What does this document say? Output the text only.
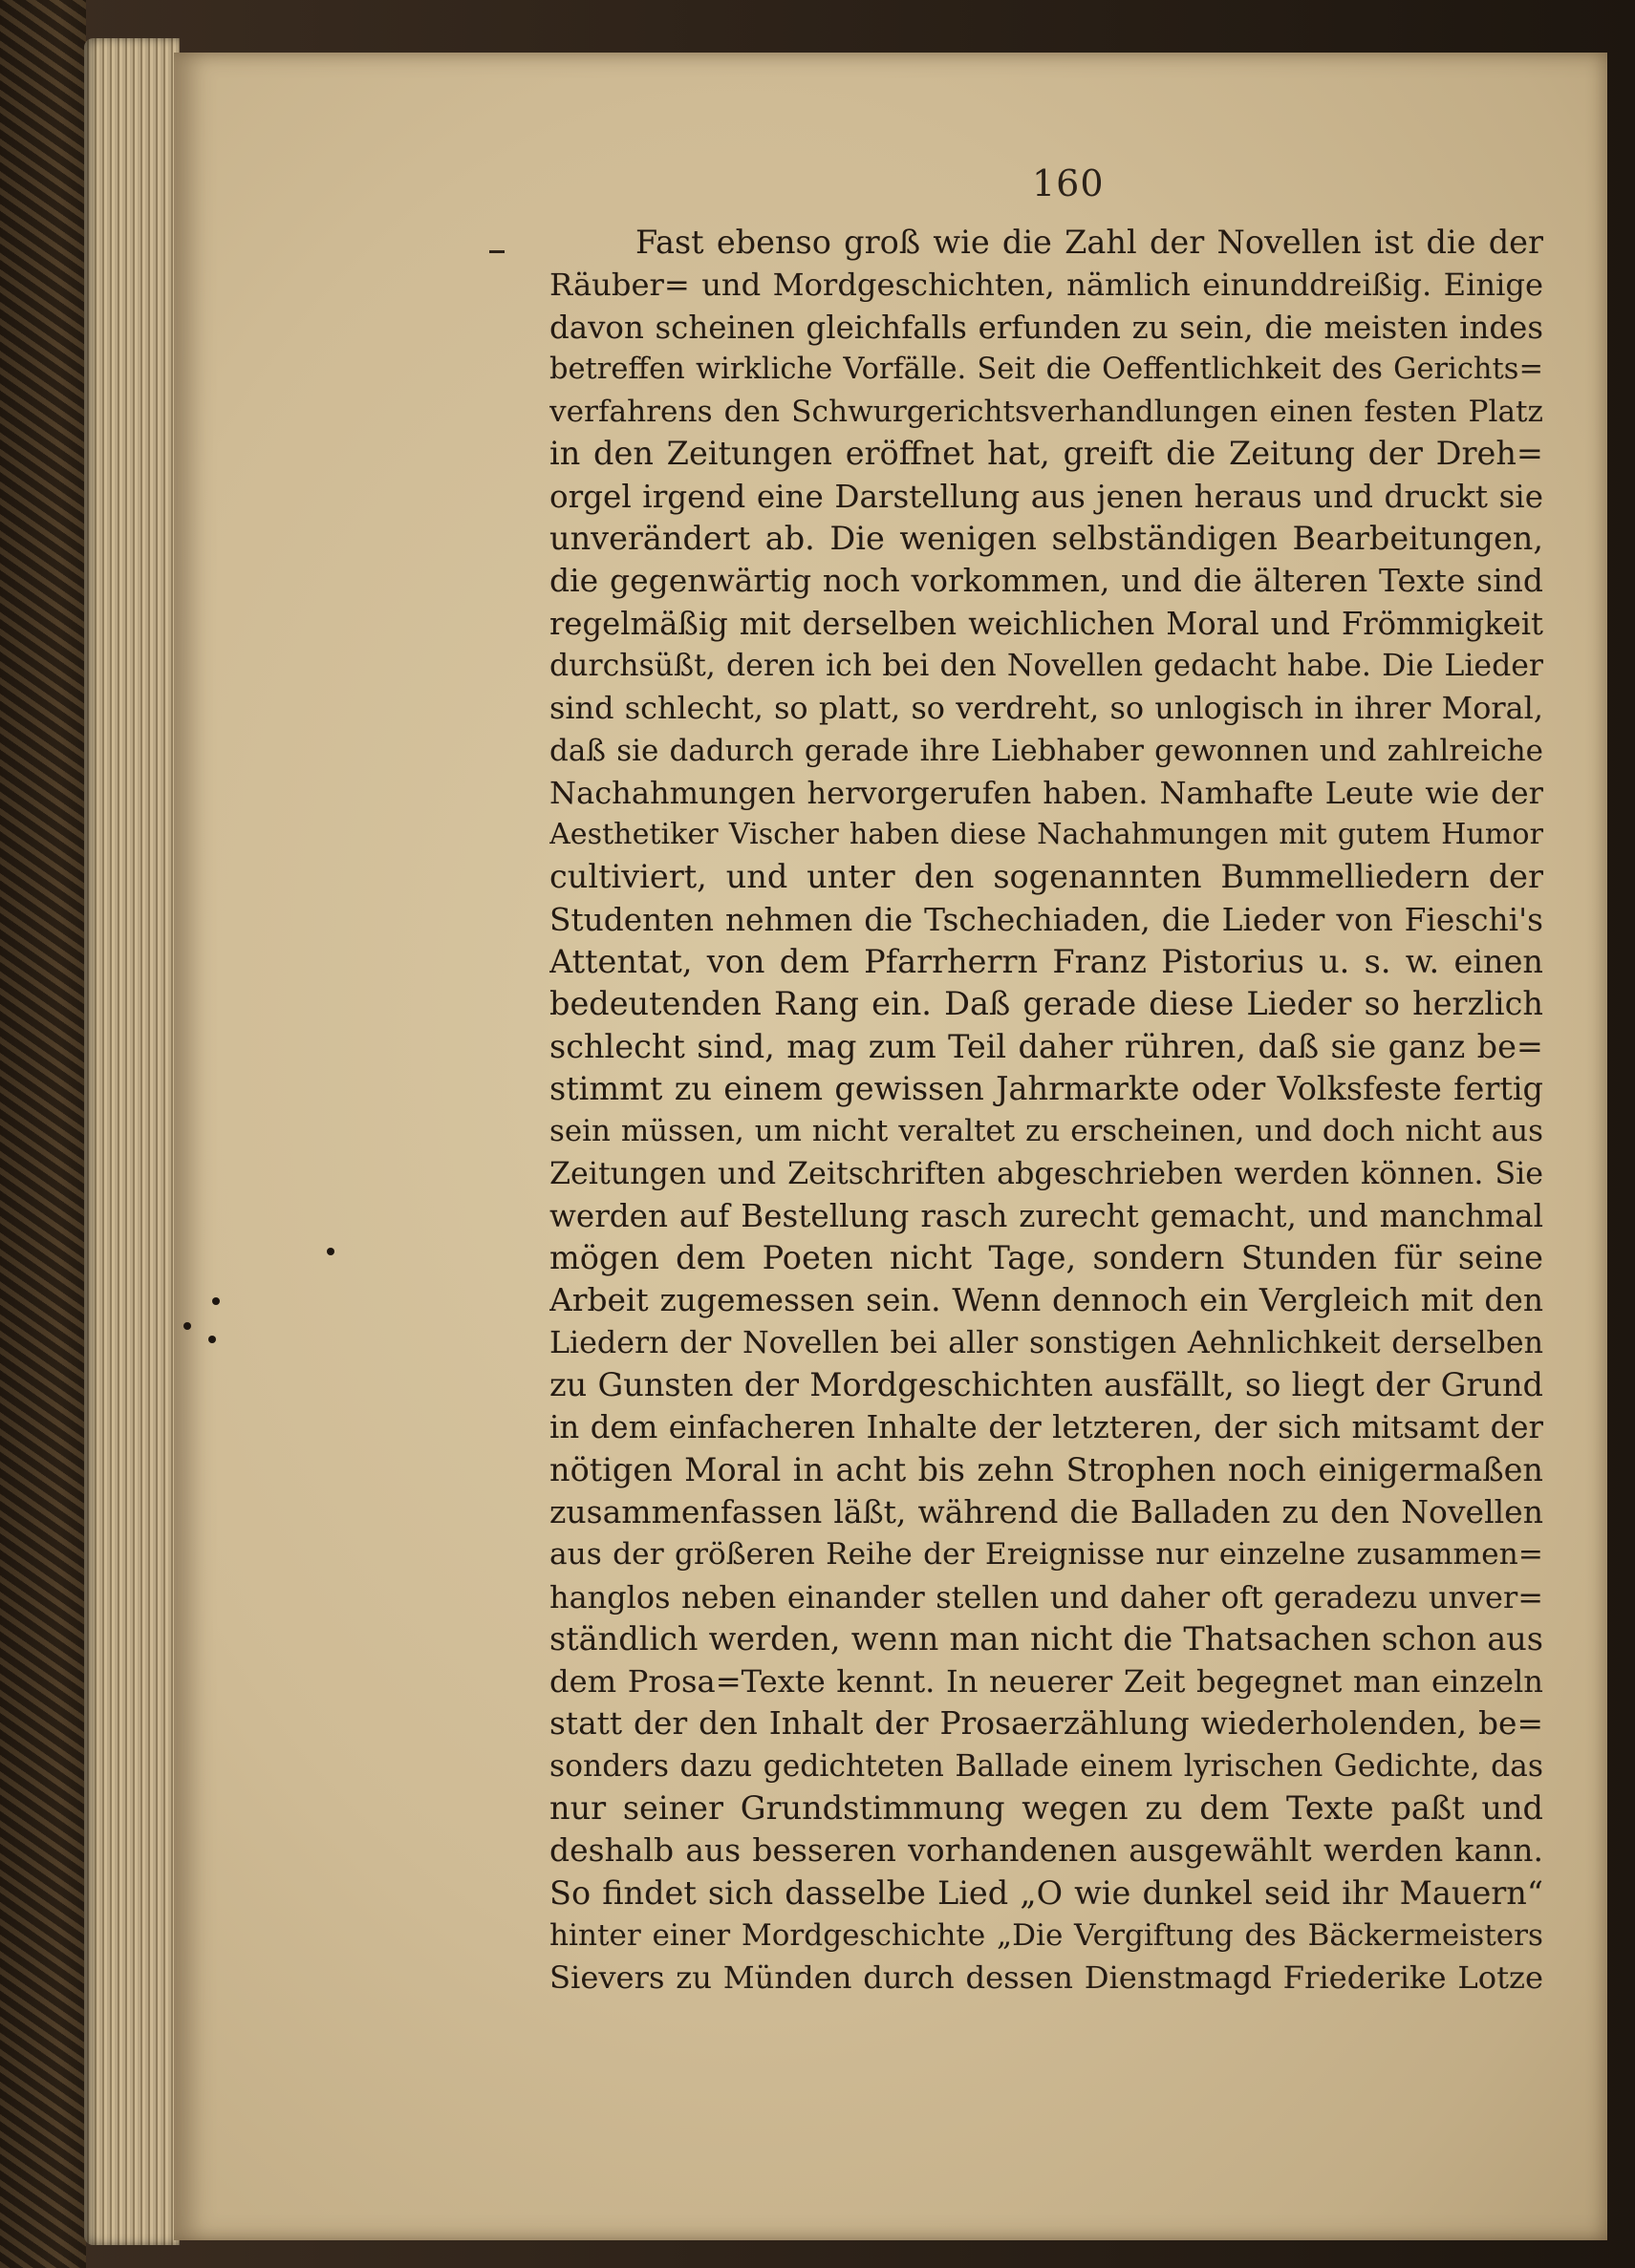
160
Fast ebenso groß wie die Zahl der Novellen ist die der
Räuber= und Mordgeschichten, nämlich einunddreißig. Einige
davon scheinen gleichfalls erfunden zu sein, die meisten indes
betreffen wirkliche Vorfälle. Seit die Oeffentlichkeit des Gerichts=
verfahrens den Schwurgerichtsverhandlungen einen festen Platz
in den Zeitungen eröffnet hat, greift die Zeitung der Dreh=
orgel irgend eine Darstellung aus jenen heraus und druckt sie
unverändert ab. Die wenigen selbständigen Bearbeitungen,
die gegenwärtig noch vorkommen, und die älteren Texte sind
regelmäßig mit derselben weichlichen Moral und Frömmigkeit
durchsüßt, deren ich bei den Novellen gedacht habe. Die Lieder
sind schlecht, so platt, so verdreht, so unlogisch in ihrer Moral,
daß sie dadurch gerade ihre Liebhaber gewonnen und zahlreiche
Nachahmungen hervorgerufen haben. Namhafte Leute wie der
Aesthetiker Vischer haben diese Nachahmungen mit gutem Humor
cultiviert, und unter den sogenannten Bummelliedern der
Studenten nehmen die Tschechiaden, die Lieder von Fieschi's
Attentat, von dem Pfarrherrn Franz Pistorius u. s. w. einen
bedeutenden Rang ein. Daß gerade diese Lieder so herzlich
schlecht sind, mag zum Teil daher rühren, daß sie ganz be=
stimmt zu einem gewissen Jahrmarkte oder Volksfeste fertig
sein müssen, um nicht veraltet zu erscheinen, und doch nicht aus
Zeitungen und Zeitschriften abgeschrieben werden können. Sie
werden auf Bestellung rasch zurecht gemacht, und manchmal
mögen dem Poeten nicht Tage, sondern Stunden für seine
Arbeit zugemessen sein. Wenn dennoch ein Vergleich mit den
Liedern der Novellen bei aller sonstigen Aehnlichkeit derselben
zu Gunsten der Mordgeschichten ausfällt, so liegt der Grund
in dem einfacheren Inhalte der letzteren, der sich mitsamt der
nötigen Moral in acht bis zehn Strophen noch einigermaßen
zusammenfassen läßt, während die Balladen zu den Novellen
aus der größeren Reihe der Ereignisse nur einzelne zusammen=
hanglos neben einander stellen und daher oft geradezu unver=
ständlich werden, wenn man nicht die Thatsachen schon aus
dem Prosa=Texte kennt. In neuerer Zeit begegnet man einzeln
statt der den Inhalt der Prosaerzählung wiederholenden, be=
sonders dazu gedichteten Ballade einem lyrischen Gedichte, das
nur seiner Grundstimmung wegen zu dem Texte paßt und
deshalb aus besseren vorhandenen ausgewählt werden kann.
So findet sich dasselbe Lied „O wie dunkel seid ihr Mauern“
hinter einer Mordgeschichte „Die Vergiftung des Bäckermeisters
Sievers zu Münden durch dessen Dienstmagd Friederike Lotze
